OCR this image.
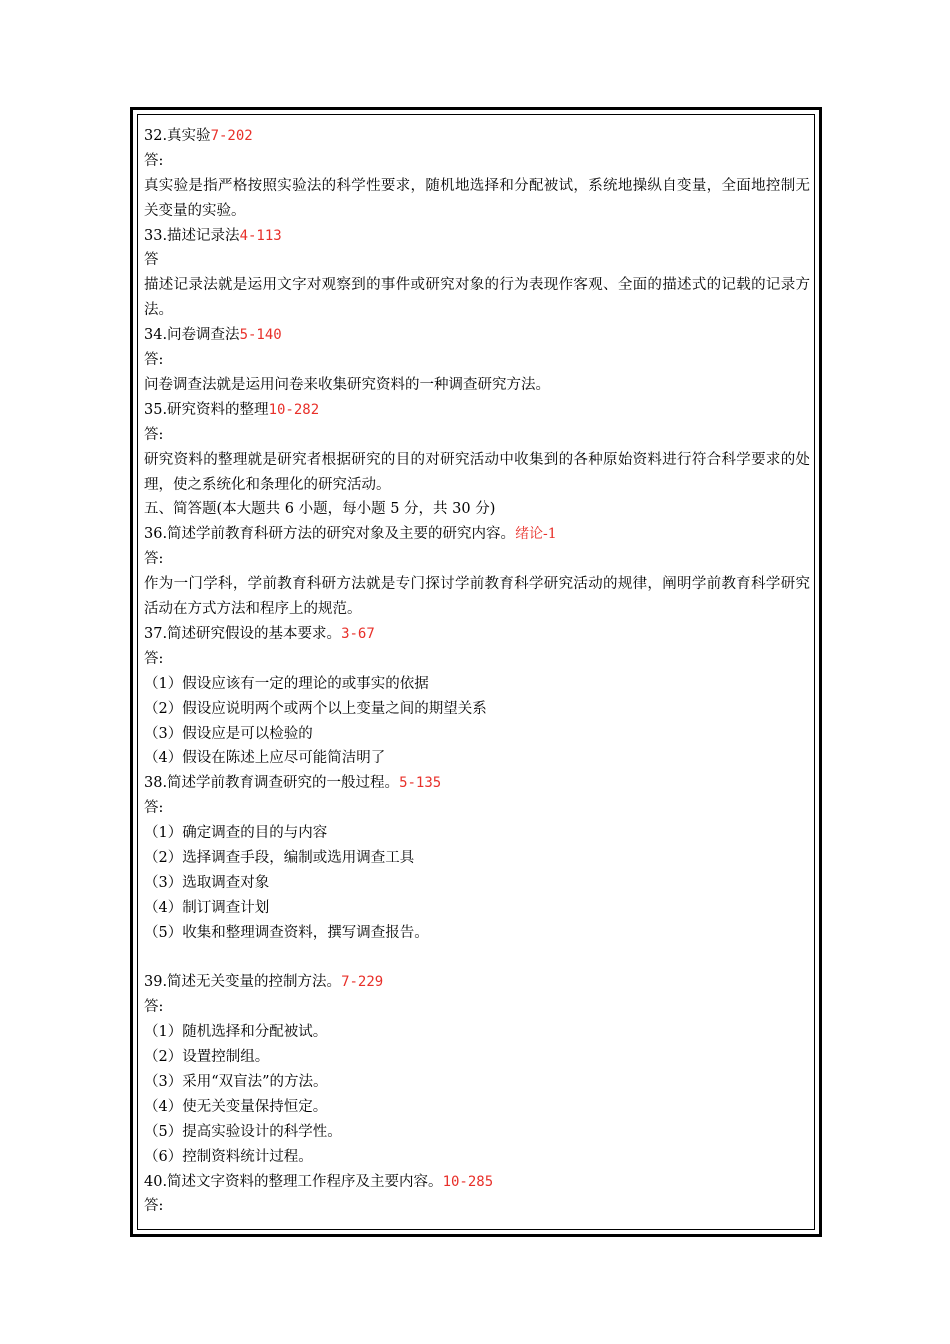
32.真实验7-202
答:
真实验是指严格按照实验法的科学性要求，随机地选择和分配被试，系统地操纵自变量，全面地控制无关变量的实验。
33.描述记录法4-113
答
描述记录法就是运用文字对观察到的事件或研究对象的行为表现作客观、全面的描述式的记载的记录方法。
34.问卷调查法5-140
答:
问卷调查法就是运用问卷来收集研究资料的一种调查研究方法。
35.研究资料的整理10-282
答:
研究资料的整理就是研究者根据研究的目的对研究活动中收集到的各种原始资料进行符合科学要求的处理，使之系统化和条理化的研究活动。
五、简答题(本大题共 6 小题，每小题 5 分，共 30 分)
36.简述学前教育科研方法的研究对象及主要的研究内容。绪论-1
答:
作为一门学科，学前教育科研方法就是专门探讨学前教育科学研究活动的规律，阐明学前教育科学研究活动在方式方法和程序上的规范。
37.简述研究假设的基本要求。3-67
答:
（1）假设应该有一定的理论的或事实的依据
（2）假设应说明两个或两个以上变量之间的期望关系
（3）假设应是可以检验的
（4）假设在陈述上应尽可能简洁明了
38.简述学前教育调查研究的一般过程。5-135
答:
（1）确定调查的目的与内容
（2）选择调查手段，编制或选用调查工具
（3）选取调查对象
（4）制订调查计划
（5）收集和整理调查资料，撰写调查报告。
39.简述无关变量的控制方法。7-229
答:
（1）随机选择和分配被试。
（2）设置控制组。
（3）采用“双盲法”的方法。
（4）使无关变量保持恒定。
（5）提高实验设计的科学性。
（6）控制资料统计过程。
40.简述文字资料的整理工作程序及主要内容。10-285
答:
